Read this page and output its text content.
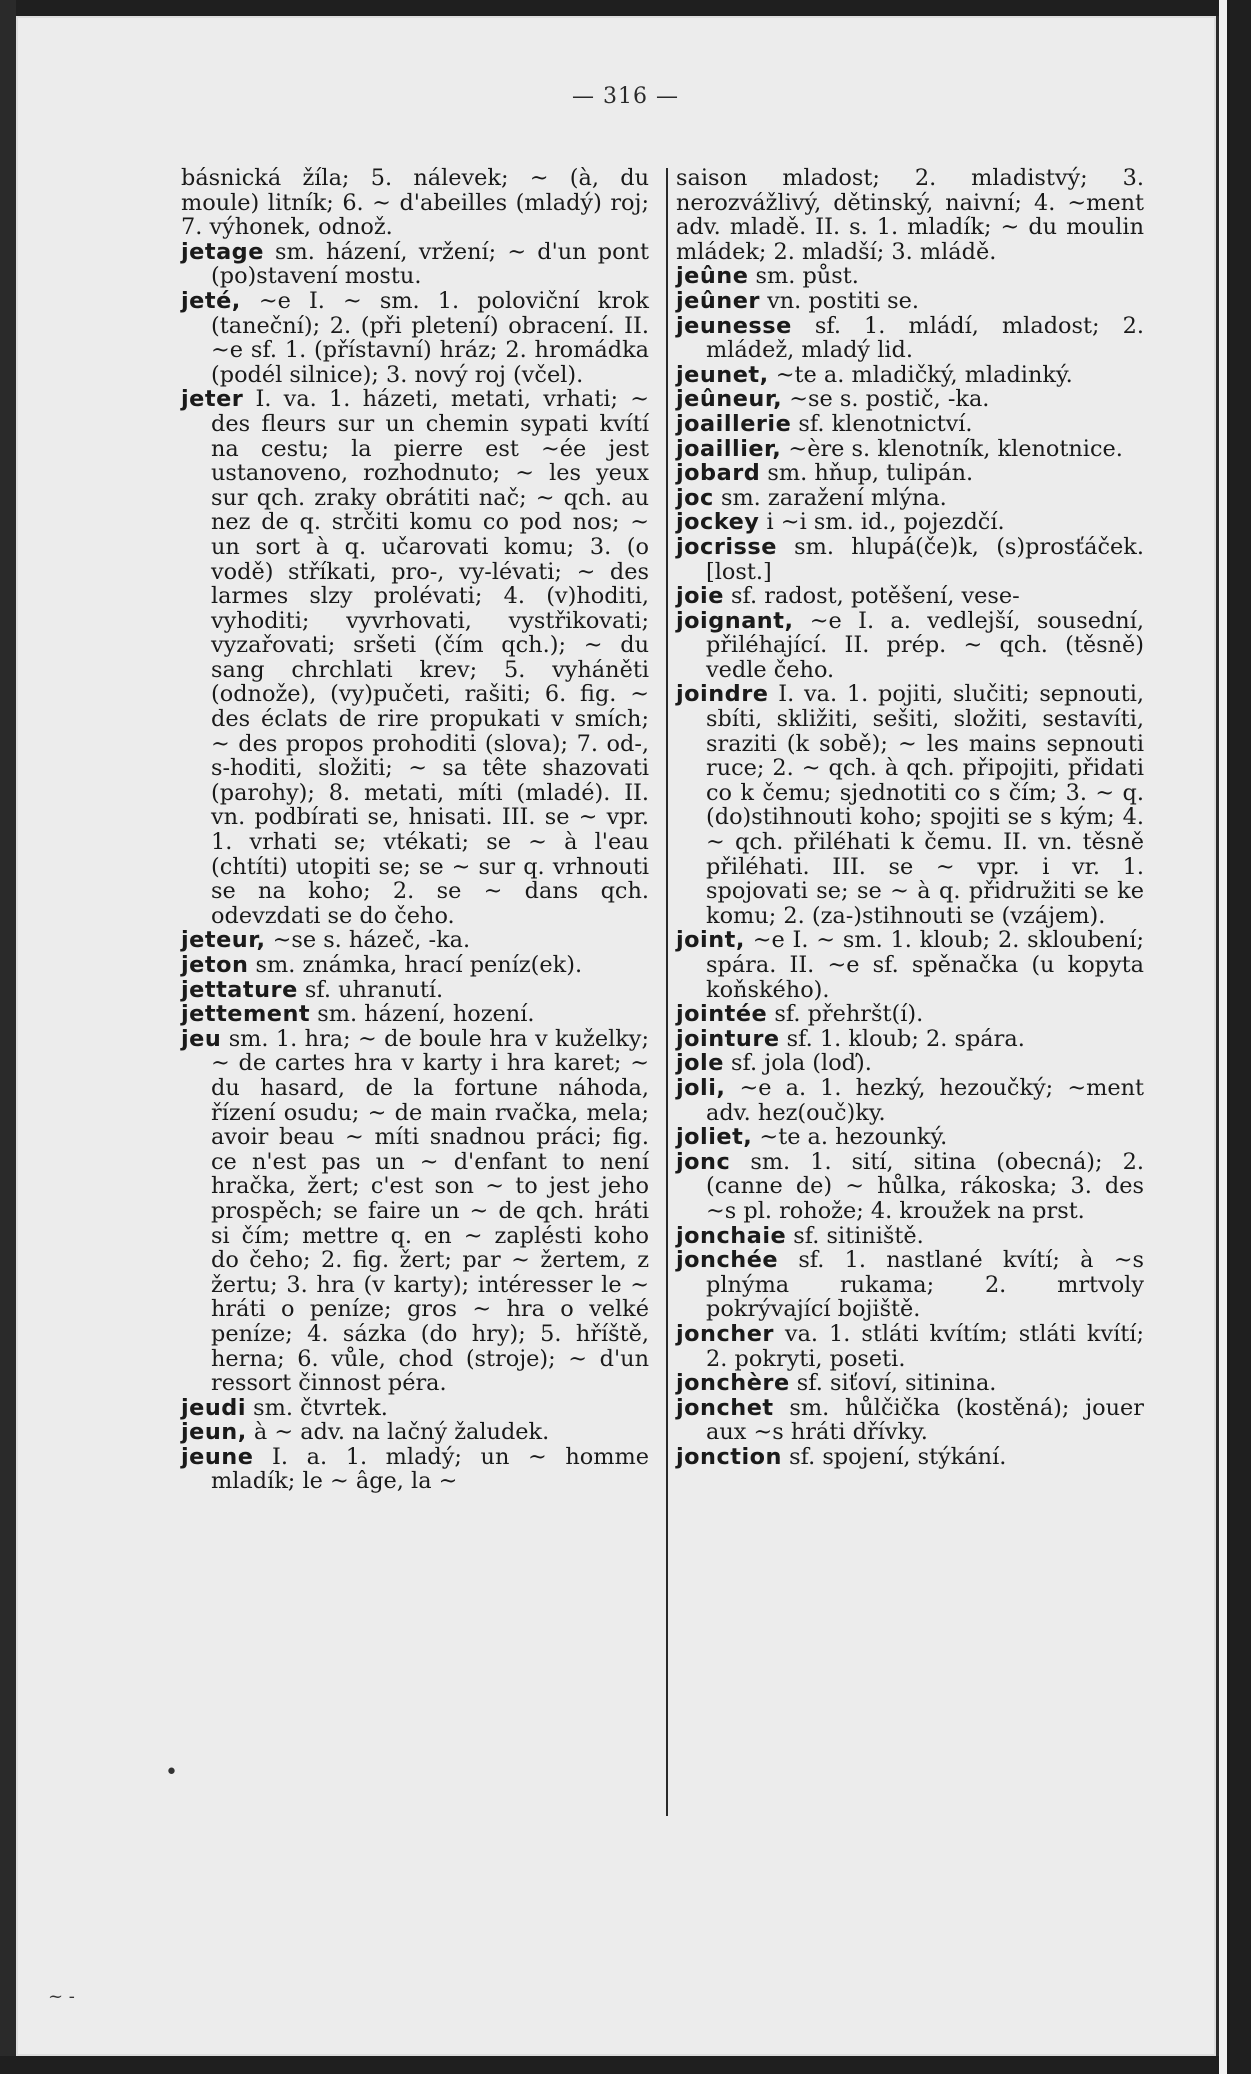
— 316 —

básnická žíla; 5. nálevek; ~ (à, du moule) litník; 6. ~ d'abeilles (mladý) roj; 7. výhonek, odnož.

jetage sm. házení, vržení; ~ d'un pont (po)stavení mostu.

jeté, ~e I. ~ sm. 1. poloviční krok (taneční); 2. (při pletení) obracení. II. ~e sf. 1. (přístavní) hráz; 2. hromádka (podél silnice); 3. nový roj (včel).

jeter I. va. 1. házeti, metati, vrhati; ~ des fleurs sur un chemin sypati kvítí na cestu; la pierre est ~ée jest ustanoveno, rozhodnuto; ~ les yeux sur qch. zraky obrátiti nač; ~ qch. au nez de q. strčiti komu co pod nos; ~ un sort à q. učarovati komu; 3. (o vodě) stříkati, pro-, vy-lévati; ~ des larmes slzy prolévati; 4. (v)hoditi, vyhoditi; vyvrhovati, vystřikovati; vyzařovati; sršeti (čím qch.); ~ du sang chrchlati krev; 5. vyháněti (odnože), (vy)pučeti, rašiti; 6. fig. ~ des éclats de rire propukati v smích; ~ des propos prohoditi (slova); 7. od-, s-hoditi, složiti; ~ sa tête shazovati (parohy); 8. metati, míti (mladé). II. vn. podbírati se, hnisati. III. se ~ vpr. 1. vrhati se; vtékati; se ~ à l'eau (chtíti) utopiti se; se ~ sur q. vrhnouti se na koho; 2. se ~ dans qch. odevzdati se do čeho.

jeteur, ~se s. házeč, -ka.

jeton sm. známka, hrací peníz(ek).

jettature sf. uhranutí.

jettement sm. házení, hození.

jeu sm. 1. hra; ~ de boule hra v kuželky; ~ de cartes hra v karty i hra karet; ~ du hasard, de la fortune náhoda, řízení osudu; ~ de main rvačka, mela; avoir beau ~ míti snadnou práci; fig. ce n'est pas un ~ d'enfant to není hračka, žert; c'est son ~ to jest jeho prospěch; se faire un ~ de qch. hráti si čím; mettre q. en ~ zaplésti koho do čeho; 2. fig. žert; par ~ žertem, z žertu; 3. hra (v karty); intéresser le ~ hráti o peníze; gros ~ hra o velké peníze; 4. sázka (do hry); 5. hříště, herna; 6. vůle, chod (stroje); ~ d'un ressort činnost péra.

jeudi sm. čtvrtek.

jeun, à ~ adv. na lačný žaludek.

jeune I. a. 1. mladý; un ~ homme mladík; le ~ âge, la ~

saison mladost; 2. mladistvý; 3. nerozvážlivý, dětinský, naivní; 4. ~ment adv. mladě. II. s. 1. mladík; ~ du moulin mládek; 2. mladší; 3. mládě.

jeûne sm. půst.

jeûner vn. postiti se.

jeunesse sf. 1. mládí, mladost; 2. mládež, mladý lid.

jeunet, ~te a. mladičký, mladinký.

jeûneur, ~se s. postič, -ka.

joaillerie sf. klenotnictví.

joaillier, ~ère s. klenotník, klenotnice.

jobard sm. hňup, tulipán.

joc sm. zaražení mlýna.

jockey i ~i sm. id., pojezdčí.

jocrisse sm. hlupá(če)k, (s)prosťáček. [lost.]

joie sf. radost, potěšení, vese-

joignant, ~e I. a. vedlejší, sousední, přiléhající. II. prép. ~ qch. (těsně) vedle čeho.

joindre I. va. 1. pojiti, slučiti; sepnouti, sbíti, skližiti, sešiti, složiti, sestavíti, sraziti (k sobě); ~ les mains sepnouti ruce; 2. ~ qch. à qch. připojiti, přidati co k čemu; sjednotiti co s čím; 3. ~ q. (do)stihnouti koho; spojiti se s kým; 4. ~ qch. přiléhati k čemu. II. vn. těsně přiléhati. III. se ~ vpr. i vr. 1. spojovati se; se ~ à q. přidružiti se ke komu; 2. (za-)stihnouti se (vzájem).

joint, ~e I. ~ sm. 1. kloub; 2. skloubení; spára. II. ~e sf. spěnačka (u kopyta koňského).

jointée sf. přehršt(í).

jointure sf. 1. kloub; 2. spára.

jole sf. jola (loď).

joli, ~e a. 1. hezký, hezoučký; ~ment adv. hez(ouč)ky.

joliet, ~te a. hezounký.

jonc sm. 1. sití, sitina (obecná); 2. (canne de) ~ hůlka, rákoska; 3. des ~s pl. rohože; 4. kroužek na prst.

jonchaie sf. sitiniště.

jonchée sf. 1. nastlané kvítí; à ~s plnýma rukama; 2. mrtvoly pokrývající bojiště.

joncher va. 1. stláti kvítím; stláti kvítí; 2. pokryti, poseti.

jonchère sf. siťoví, sitinina.

jonchet sm. hůlčička (kostěná); jouer aux ~s hráti dřívky.

jonction sf. spojení, stýkání.

•
~ -
